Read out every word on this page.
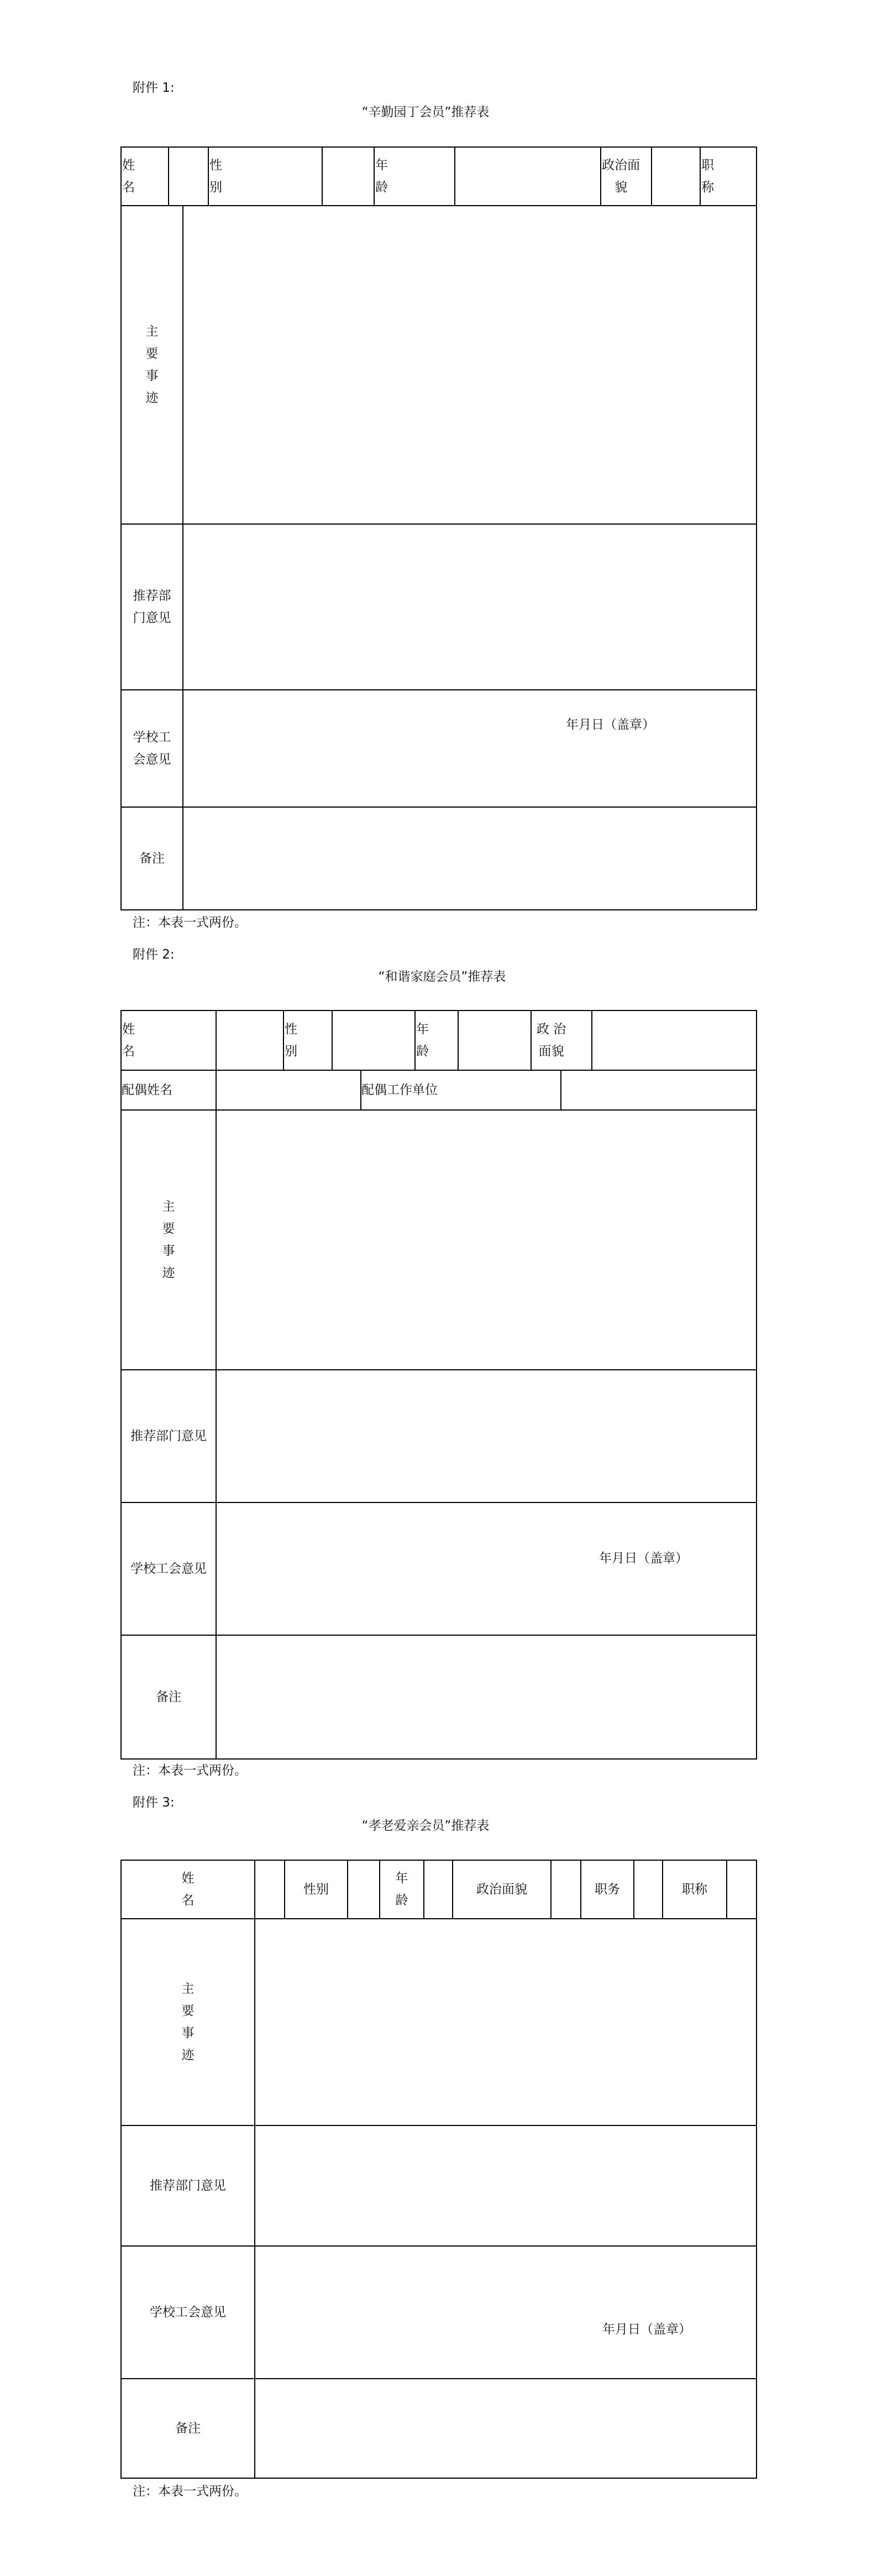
附件 1:
“辛勤园丁会员”推荐表
姓名		性别		年龄		政治面貌		职称
主要事迹	
推荐部门意见	
学校工会意见	年月日（盖章）

备注	
注：本表一式两份。
附件 2:
“和谐家庭会员”推荐表
姓名		性别		年龄		政 治面貌	
配偶姓名		配偶工作单位	
主要事迹	
推荐部门意见	
学校工会意见	年月日（盖章）

备注	
注：本表一式两份。
附件 3:
“孝老爱亲会员”推荐表
姓名		性别		年龄		政治面貌		职务		职称	
主要事迹	
推荐部门意见	
学校工会意见	年月日（盖章）

备注	
注：本表一式两份。
